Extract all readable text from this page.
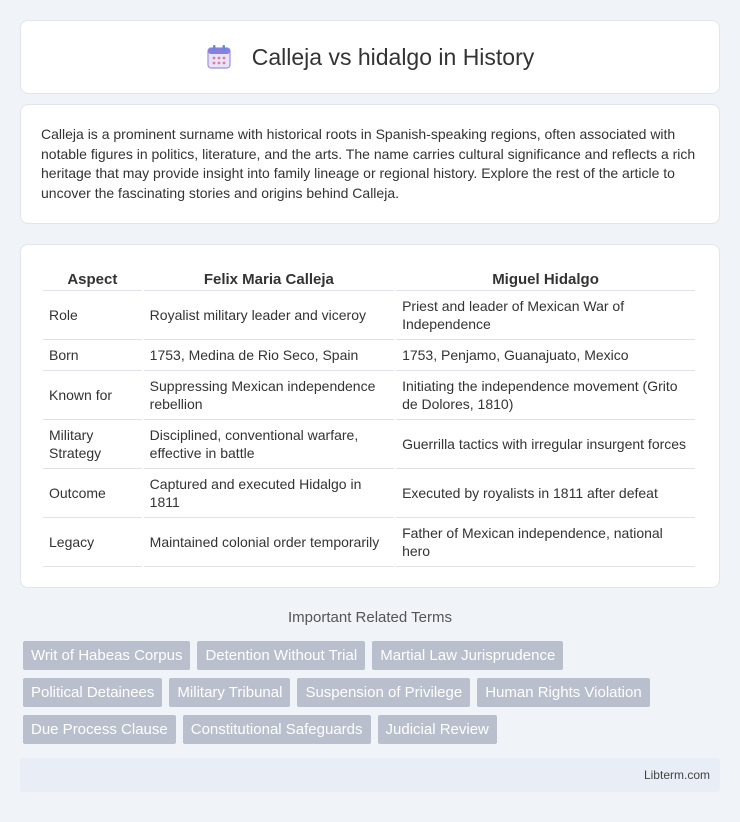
Calleja vs hidalgo in History

Calleja is a prominent surname with historical roots in Spanish-speaking regions, often associated with notable figures in politics, literature, and the arts. The name carries cultural significance and reflects a rich heritage that may provide insight into family lineage or regional history. Explore the rest of the article to uncover the fascinating stories and origins behind Calleja.

Aspect	Felix Maria Calleja	Miguel Hidalgo
Role	Royalist military leader and viceroy	Priest and leader of Mexican War of Independence
Born	1753, Medina de Rio Seco, Spain	1753, Penjamo, Guanajuato, Mexico
Known for	Suppressing Mexican independence rebellion	Initiating the independence movement (Grito de Dolores, 1810)
Military Strategy	Disciplined, conventional warfare, effective in battle	Guerrilla tactics with irregular insurgent forces
Outcome	Captured and executed Hidalgo in 1811	Executed by royalists in 1811 after defeat
Legacy	Maintained colonial order temporarily	Father of Mexican independence, national hero
Important Related Terms
Writ of Habeas Corpus	Detention Without Trial	Martial Law Jurisprudence
Political Detainees	Military Tribunal	Suspension of Privilege	Human Rights Violation
Due Process Clause	Constitutional Safeguards	Judicial Review
Libterm.com
